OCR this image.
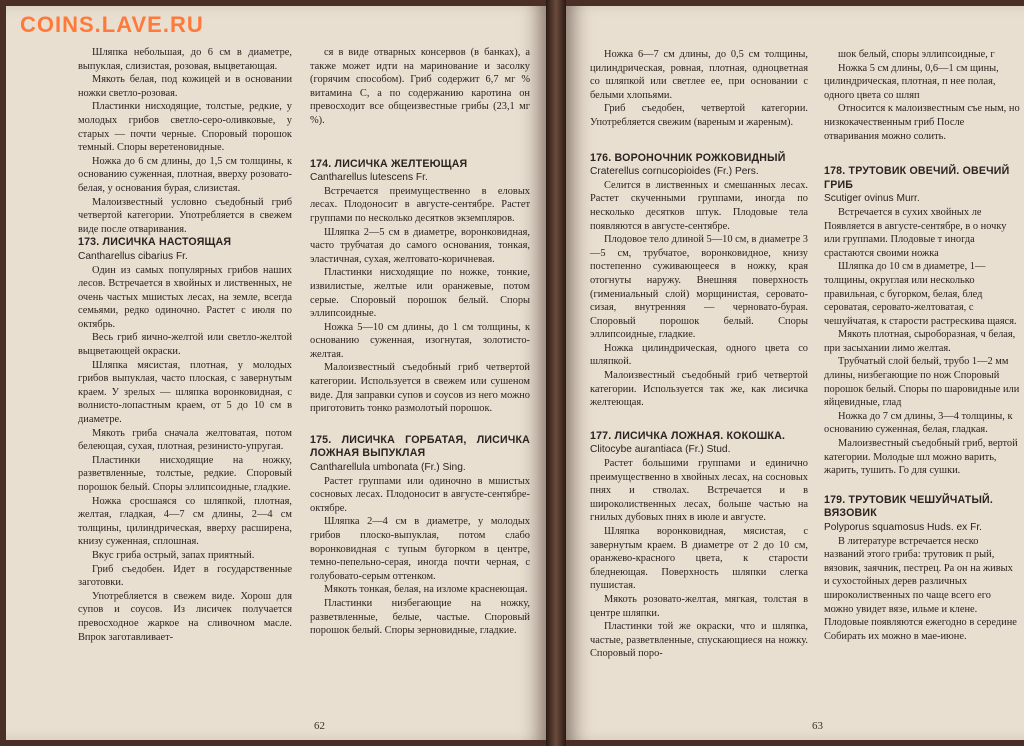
Шляпка небольшая, до 6 см в диаметре, выпуклая, слизистая, розовая, выцветающая.

Мякоть белая, под кожицей и в основании ножки светло-розовая.

Пластинки нисходящие, толстые, редкие, у молодых грибов светло-серо-оливковые, у старых — почти черные. Споровый порошок темный. Споры веретеновидные.

Ножка до 6 см длины, до 1,5 см толщины, к основанию суженная, плотная, вверху розовато-белая, у основания бурая, слизистая.

Малоизвестный условно съедобный гриб четвертой категории. Употребляется в свежем виде после отваривания.

173. ЛИСИЧКА НАСТОЯЩАЯ

Cantharellus cibarius Fr.

Один из самых популярных грибов наших лесов. Встречается в хвойных и лиственных, не очень частых мшистых лесах, на земле, всегда семьями, редко одиночно. Растет с июля по октябрь.

Весь гриб яично-желтой или светло-желтой выцветающей окраски.

Шляпка мясистая, плотная, у молодых грибов выпуклая, часто плоская, с завернутым краем. У зрелых — шляпка воронковидная, с волнисто-лопастным краем, от 5 до 10 см в диаметре.

Мякоть гриба сначала желтоватая, потом белеющая, сухая, плотная, резинисто-упругая.

Пластинки нисходящие на ножку, разветвленные, толстые, редкие. Споровый порошок белый. Споры эллипсоидные, гладкие.

Ножка сросшаяся со шляпкой, плотная, желтая, гладкая, 4—7 см длины, 2—4 см толщины, цилиндрическая, вверху расширена, книзу суженная, сплошная.

Вкус гриба острый, запах приятный.

Гриб съедобен. Идет в государственные заготовки.

Употребляется в свежем виде. Хорош для супов и соусов. Из лисичек получается превосходное жаркое на сливочном масле. Впрок заготавливает-

ся в виде отварных консервов (в банках), а также может идти на маринование и засолку (горячим способом). Гриб содержит 6,7 мг % витамина С, а по содержанию каротина он превосходит все общеизвестные грибы (23,1 мг %).

174. ЛИСИЧКА ЖЕЛТЕЮЩАЯ

Cantharellus lutescens Fr.

Встречается преимущественно в еловых лесах. Плодоносит в августе-сентябре. Растет группами по несколько десятков экземпляров.

Шляпка 2—5 см в диаметре, воронковидная, часто трубчатая до самого основания, тонкая, эластичная, сухая, желтовато-коричневая.

Пластинки нисходящие по ножке, тонкие, извилистые, желтые или оранжевые, потом серые. Споровый порошок белый. Споры эллипсоидные.

Ножка 5—10 см длины, до 1 см толщины, к основанию суженная, изогнутая, золотисто-желтая.

Малоизвестный съедобный гриб четвертой категории. Используется в свежем или сушеном виде. Для заправки супов и соусов из него можно приготовить тонко размолотый порошок.

175. ЛИСИЧКА ГОРБАТАЯ, ЛИСИЧКА ЛОЖНАЯ ВЫПУКЛАЯ

Cantharellula umbonata (Fr.) Sing.

Растет группами или одиночно в мшистых сосновых лесах. Плодоносит в августе-сентябре-октябре.

Шляпка 2—4 см в диаметре, у молодых грибов плоско-выпуклая, потом слабо воронковидная с тупым бугорком в центре, темно-пепельно-серая, иногда почти черная, с голубовато-серым оттенком.

Мякоть тонкая, белая, на изломе краснеющая.

Пластинки низбегающие на ножку, разветвленные, белые, частые. Споровый порошок белый. Споры зерновидные, гладкие.

62

Ножка 6—7 см длины, до 0,5 см толщины, цилиндрическая, ровная, плотная, одноцветная со шляпкой или светлее ее, при основании с белыми хлопьями.

Гриб съедобен, четвертой категории. Употребляется свежим (вареным и жареным).

176. ВОРОНОЧНИК РОЖКОВИДНЫЙ

Craterellus cornucopioides (Fr.) Pers.

Селится в лиственных и смешанных лесах. Растет скученными группами, иногда по несколько десятков штук. Плодовые тела появляются в августе-сентябре.

Плодовое тело длиной 5—10 см, в диаметре 3—5 см, трубчатое, воронковидное, книзу постепенно суживающееся в ножку, края отогнуты наружу. Внешняя поверхность (гимениальный слой) морщинистая, серовато-сизая, внутренняя — черновато-бурая. Споровый порошок белый. Споры эллипсоидные, гладкие.

Ножка цилиндрическая, одного цвета со шляпкой.

Малоизвестный съедобный гриб четвертой категории. Используется так же, как лисичка желтеющая.

177. ЛИСИЧКА ЛОЖНАЯ. КОКОШКА.

Clitocybe aurantiaca (Fr.) Stud.

Растет большими группами и единично преимущественно в хвойных лесах, на сосновых пнях и стволах. Встречается и в широколиственных лесах, больше частью на гнилых дубовых пнях в июле и августе.

Шляпка воронковидная, мясистая, с завернутым краем. В диаметре от 2 до 10 см, оранжево-красного цвета, к старости бледнеющая. Поверхность шляпки слегка пушистая.

Мякоть розовато-желтая, мягкая, толстая в центре шляпки.

Пластинки той же окраски, что и шляпка, частые, разветвленные, спускающиеся на ножку. Споровый поро-

шок белый, споры эллипсоидные, г

Ножка 5 см длины, 0,6—1 см щины, цилиндрическая, плотная, п нее полая, одного цвета со шляп

Относится к малоизвестным съе ным, но низкокачественным гриб После отваривания можно солить.

178. ТРУТОВИК ОВЕЧИЙ. ОВЕЧИЙ ГРИБ

Scutiger ovinus Murr.

Встречается в сухих хвойных ле Появляется в августе-сентябре, в о ночку или группами. Плодовые т иногда срастаются своими ножка

Шляпка до 10 см в диаметре, 1— толщины, округлая или несколько правильная, с бугорком, белая, блед сероватая, серовато-желтоватая, с чешуйчатая, к старости растрескива щаяся.

Мякоть плотная, сыроборазная, ч белая, при засыхании лимо желтая.

Трубчатый слой белый, трубо 1—2 мм длины, низбегающие по нож Споровый порошок белый. Споры по шаровидные или яйцевидные, глад

Ножка до 7 см длины, 3—4 толщины, к основанию суженная, белая, гладкая.

Малоизвестный съедобный гриб, вертой категории. Молодые шл можно варить, жарить, тушить. Го для сушки.

179. ТРУТОВИК ЧЕШУЙЧАТЫЙ. ВЯЗОВИК

Polyporus squamosus Huds. ex Fr.

В литературе встречается неско названий этого гриба: трутовик п рый, вязовик, заячник, пестрец. Ра он на живых и сухостойных дерев различных широколиственных по чаще всего его можно увидет вязе, ильме и клене. Плодовые появляются ежегодно в середине Собирать их можно в мае-июне.

63
COINS.LAVE.RU
